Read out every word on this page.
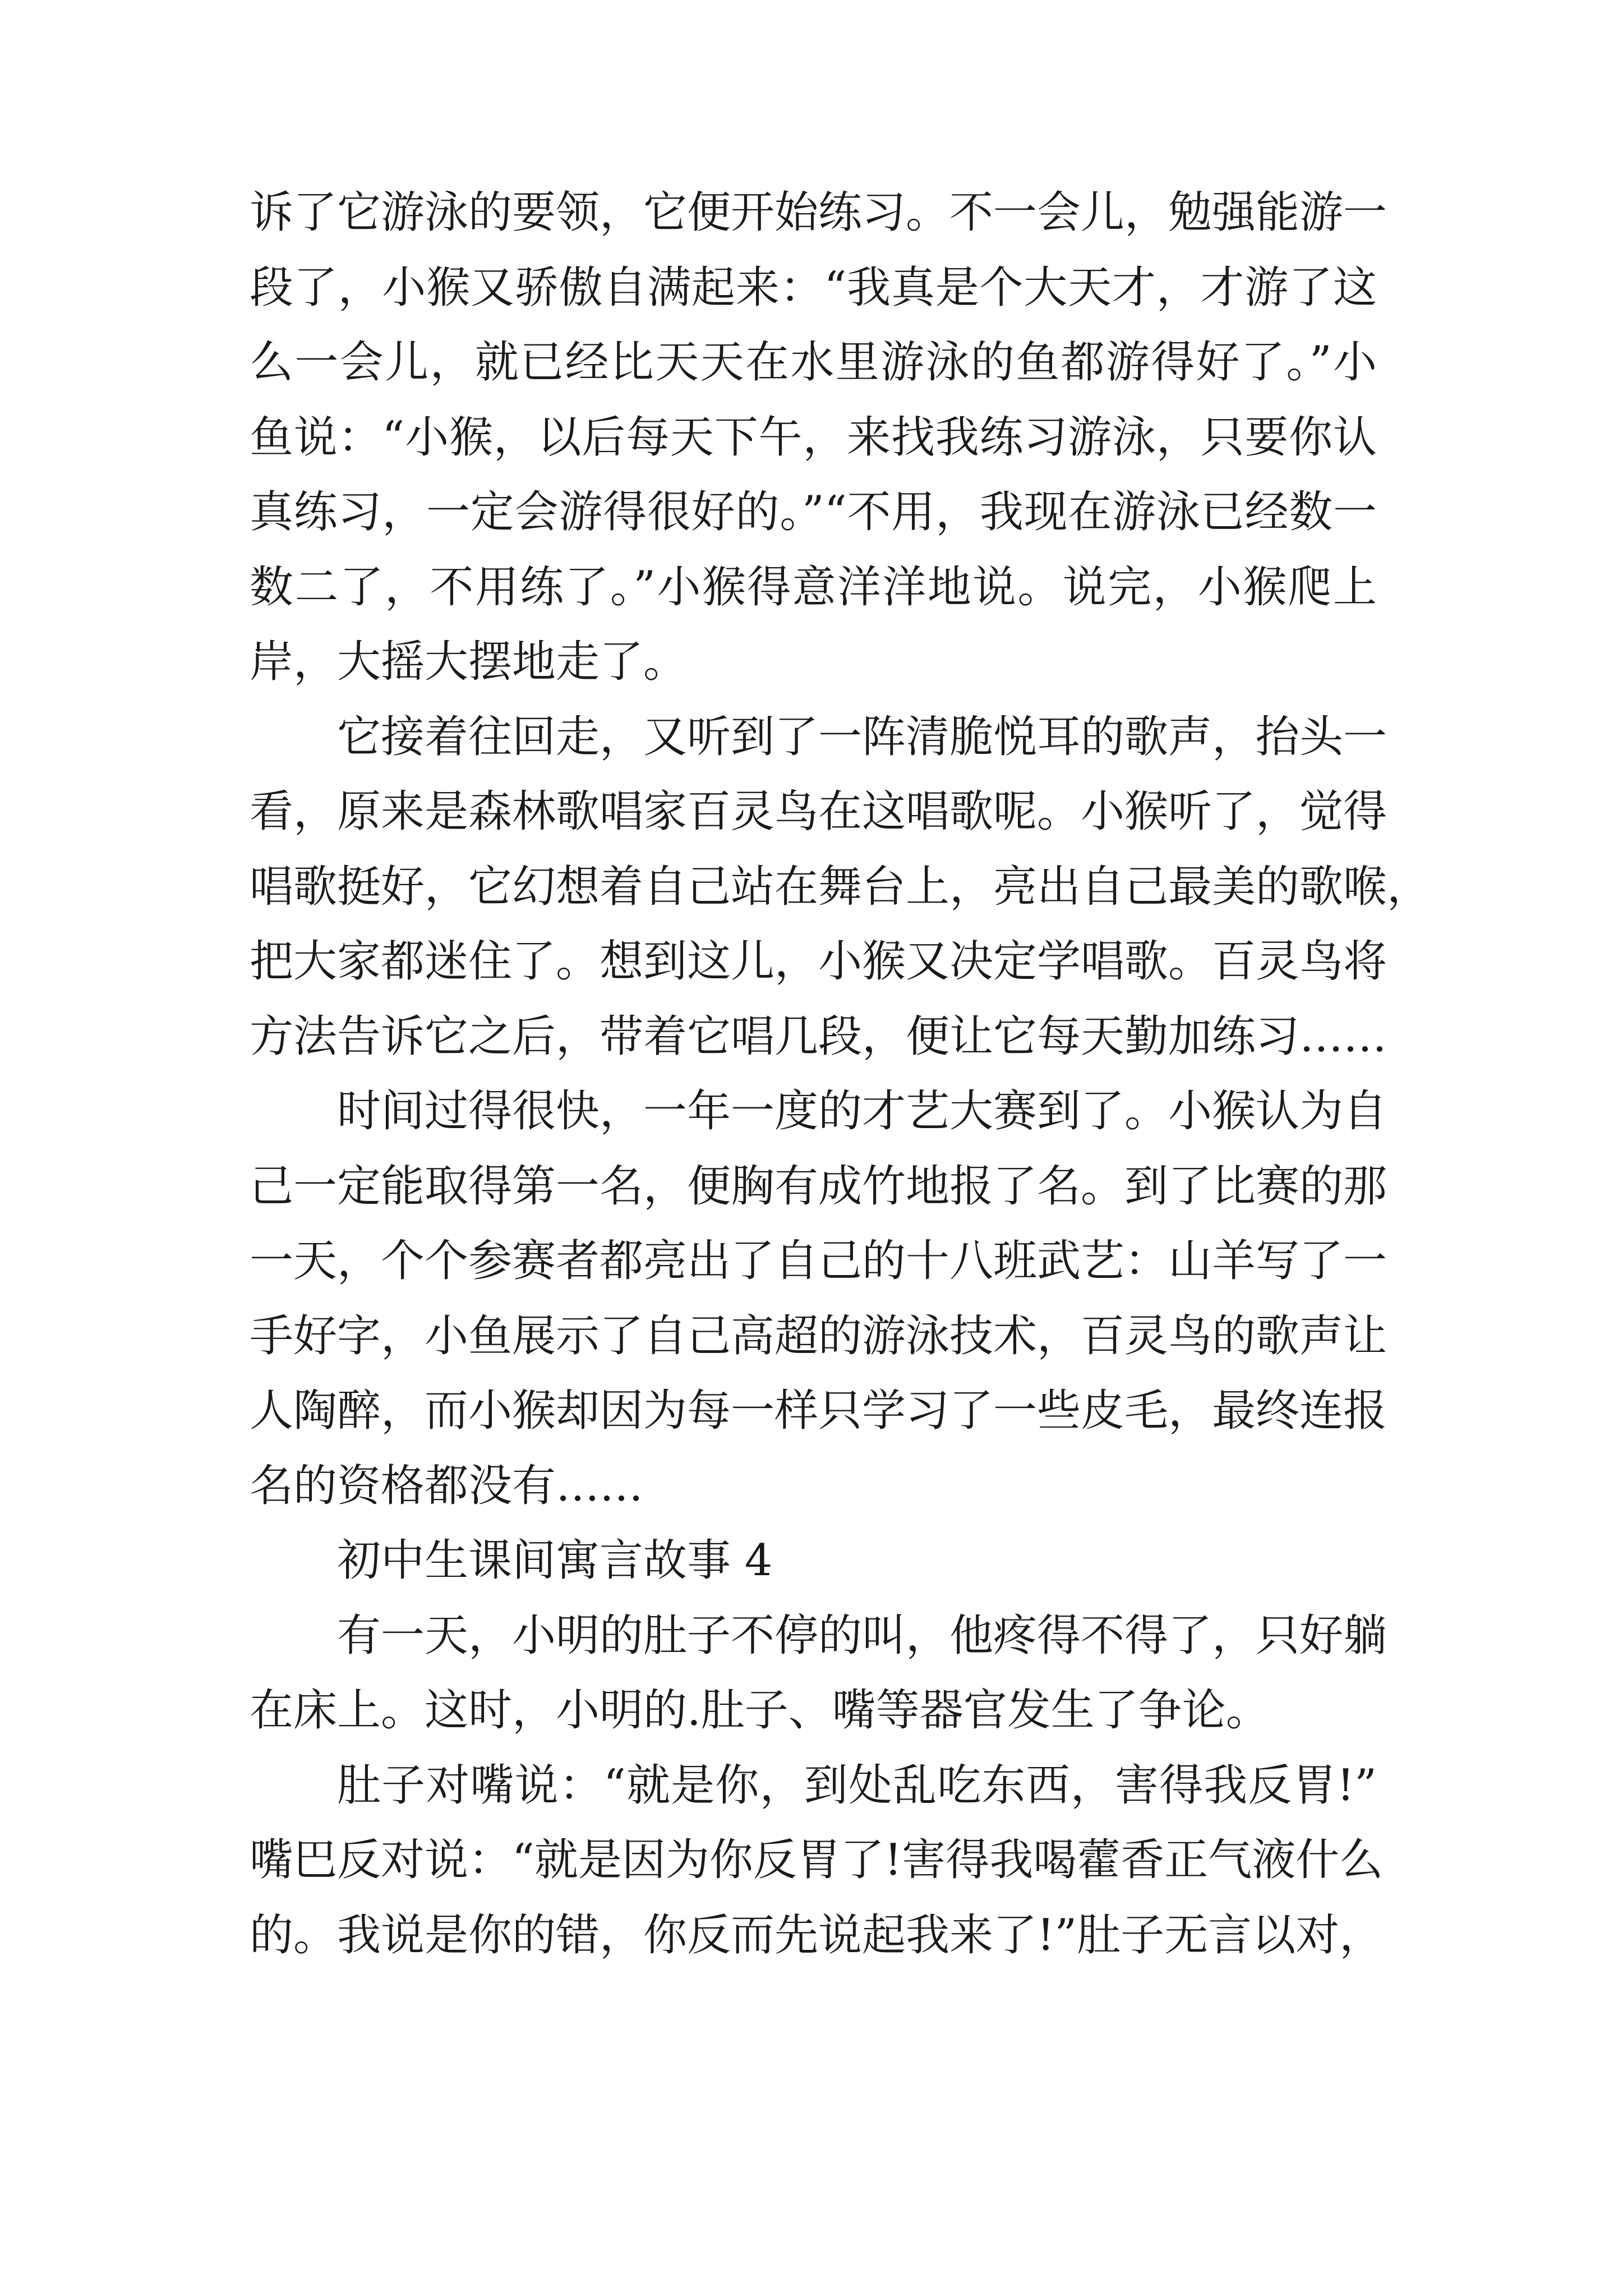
诉了它游泳的要领，它便开始练习。不一会儿，勉强能游一
段了，小猴又骄傲自满起来：“我真是个大天才，才游了这
么一会儿，就已经比天天在水里游泳的鱼都游得好了。”小
鱼说：“小猴，以后每天下午，来找我练习游泳，只要你认
真练习，一定会游得很好的。”“不用，我现在游泳已经数一
数二了，不用练了。”小猴得意洋洋地说。说完，小猴爬上
岸，大摇大摆地走了。
它接着往回走，又听到了一阵清脆悦耳的歌声，抬头一
看，原来是森林歌唱家百灵鸟在这唱歌呢。小猴听了，觉得
唱歌挺好，它幻想着自己站在舞台上，亮出自己最美的歌喉，
把大家都迷住了。想到这儿，小猴又决定学唱歌。百灵鸟将
方法告诉它之后，带着它唱几段，便让它每天勤加练习……
时间过得很快，一年一度的才艺大赛到了。小猴认为自
己一定能取得第一名，便胸有成竹地报了名。到了比赛的那
一天，个个参赛者都亮出了自己的十八班武艺：山羊写了一
手好字，小鱼展示了自己高超的游泳技术，百灵鸟的歌声让
人陶醉，而小猴却因为每一样只学习了一些皮毛，最终连报
名的资格都没有……
初中生课间寓言故事 4
有一天，小明的肚子不停的叫，他疼得不得了，只好躺
在床上。这时，小明的.肚子、嘴等器官发生了争论。
肚子对嘴说：“就是你，到处乱吃东西，害得我反胃!”
嘴巴反对说：“就是因为你反胃了!害得我喝藿香正气液什么
的。我说是你的错，你反而先说起我来了!”肚子无言以对，
